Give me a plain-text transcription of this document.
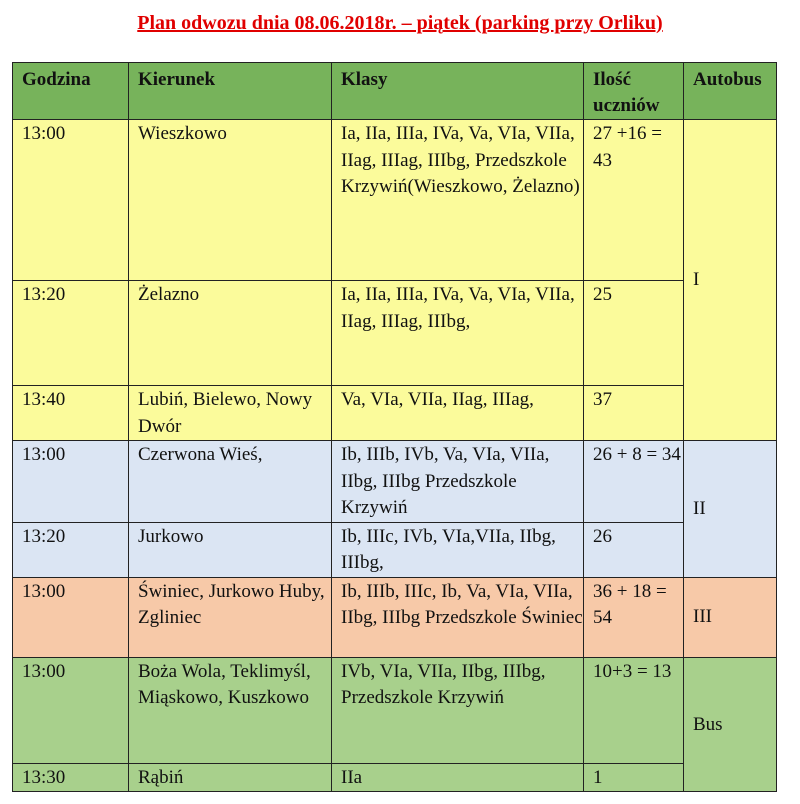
Plan odwozu dnia 08.06.2018r. – piątek (parking przy Orliku)
Godzina	Kierunek	Klasy	Ilość uczniów	Autobus
13:00	Wieszkowo	Ia, IIa, IIIa, IVa, Va, VIa, VIIa, IIag, IIIag, IIIbg, Przedszkole Krzywiń(Wieszkowo, Żelazno)	27 +16 = 43	I
13:20	Żelazno	Ia, IIa, IIIa, IVa, Va, VIa, VIIa, IIag, IIIag, IIIbg,	25	
13:40	Lubiń, Bielewo, Nowy Dwór	Va, VIa, VIIa, IIag, IIIag,	37	
13:00	Czerwona Wieś,	Ib, IIIb, IVb, Va, VIa, VIIa, IIbg, IIIbg Przedszkole Krzywiń	26 + 8 = 34	II
13:20	Jurkowo	Ib, IIIc, IVb, VIa,VIIa, IIbg, IIIbg,	26	
13:00	Świniec, Jurkowo Huby, Zgliniec	Ib, IIIb, IIIc, Ib, Va, VIa, VIIa, IIbg, IIIbg Przedszkole Świniec	36 + 18 = 54	III
13:00	Boża Wola, Teklimyśl, Miąskowo, Kuszkowo	IVb, VIa, VIIa, IIbg, IIIbg, Przedszkole Krzywiń	10+3 = 13	Bus
13:30	Rąbiń	IIa	1	
